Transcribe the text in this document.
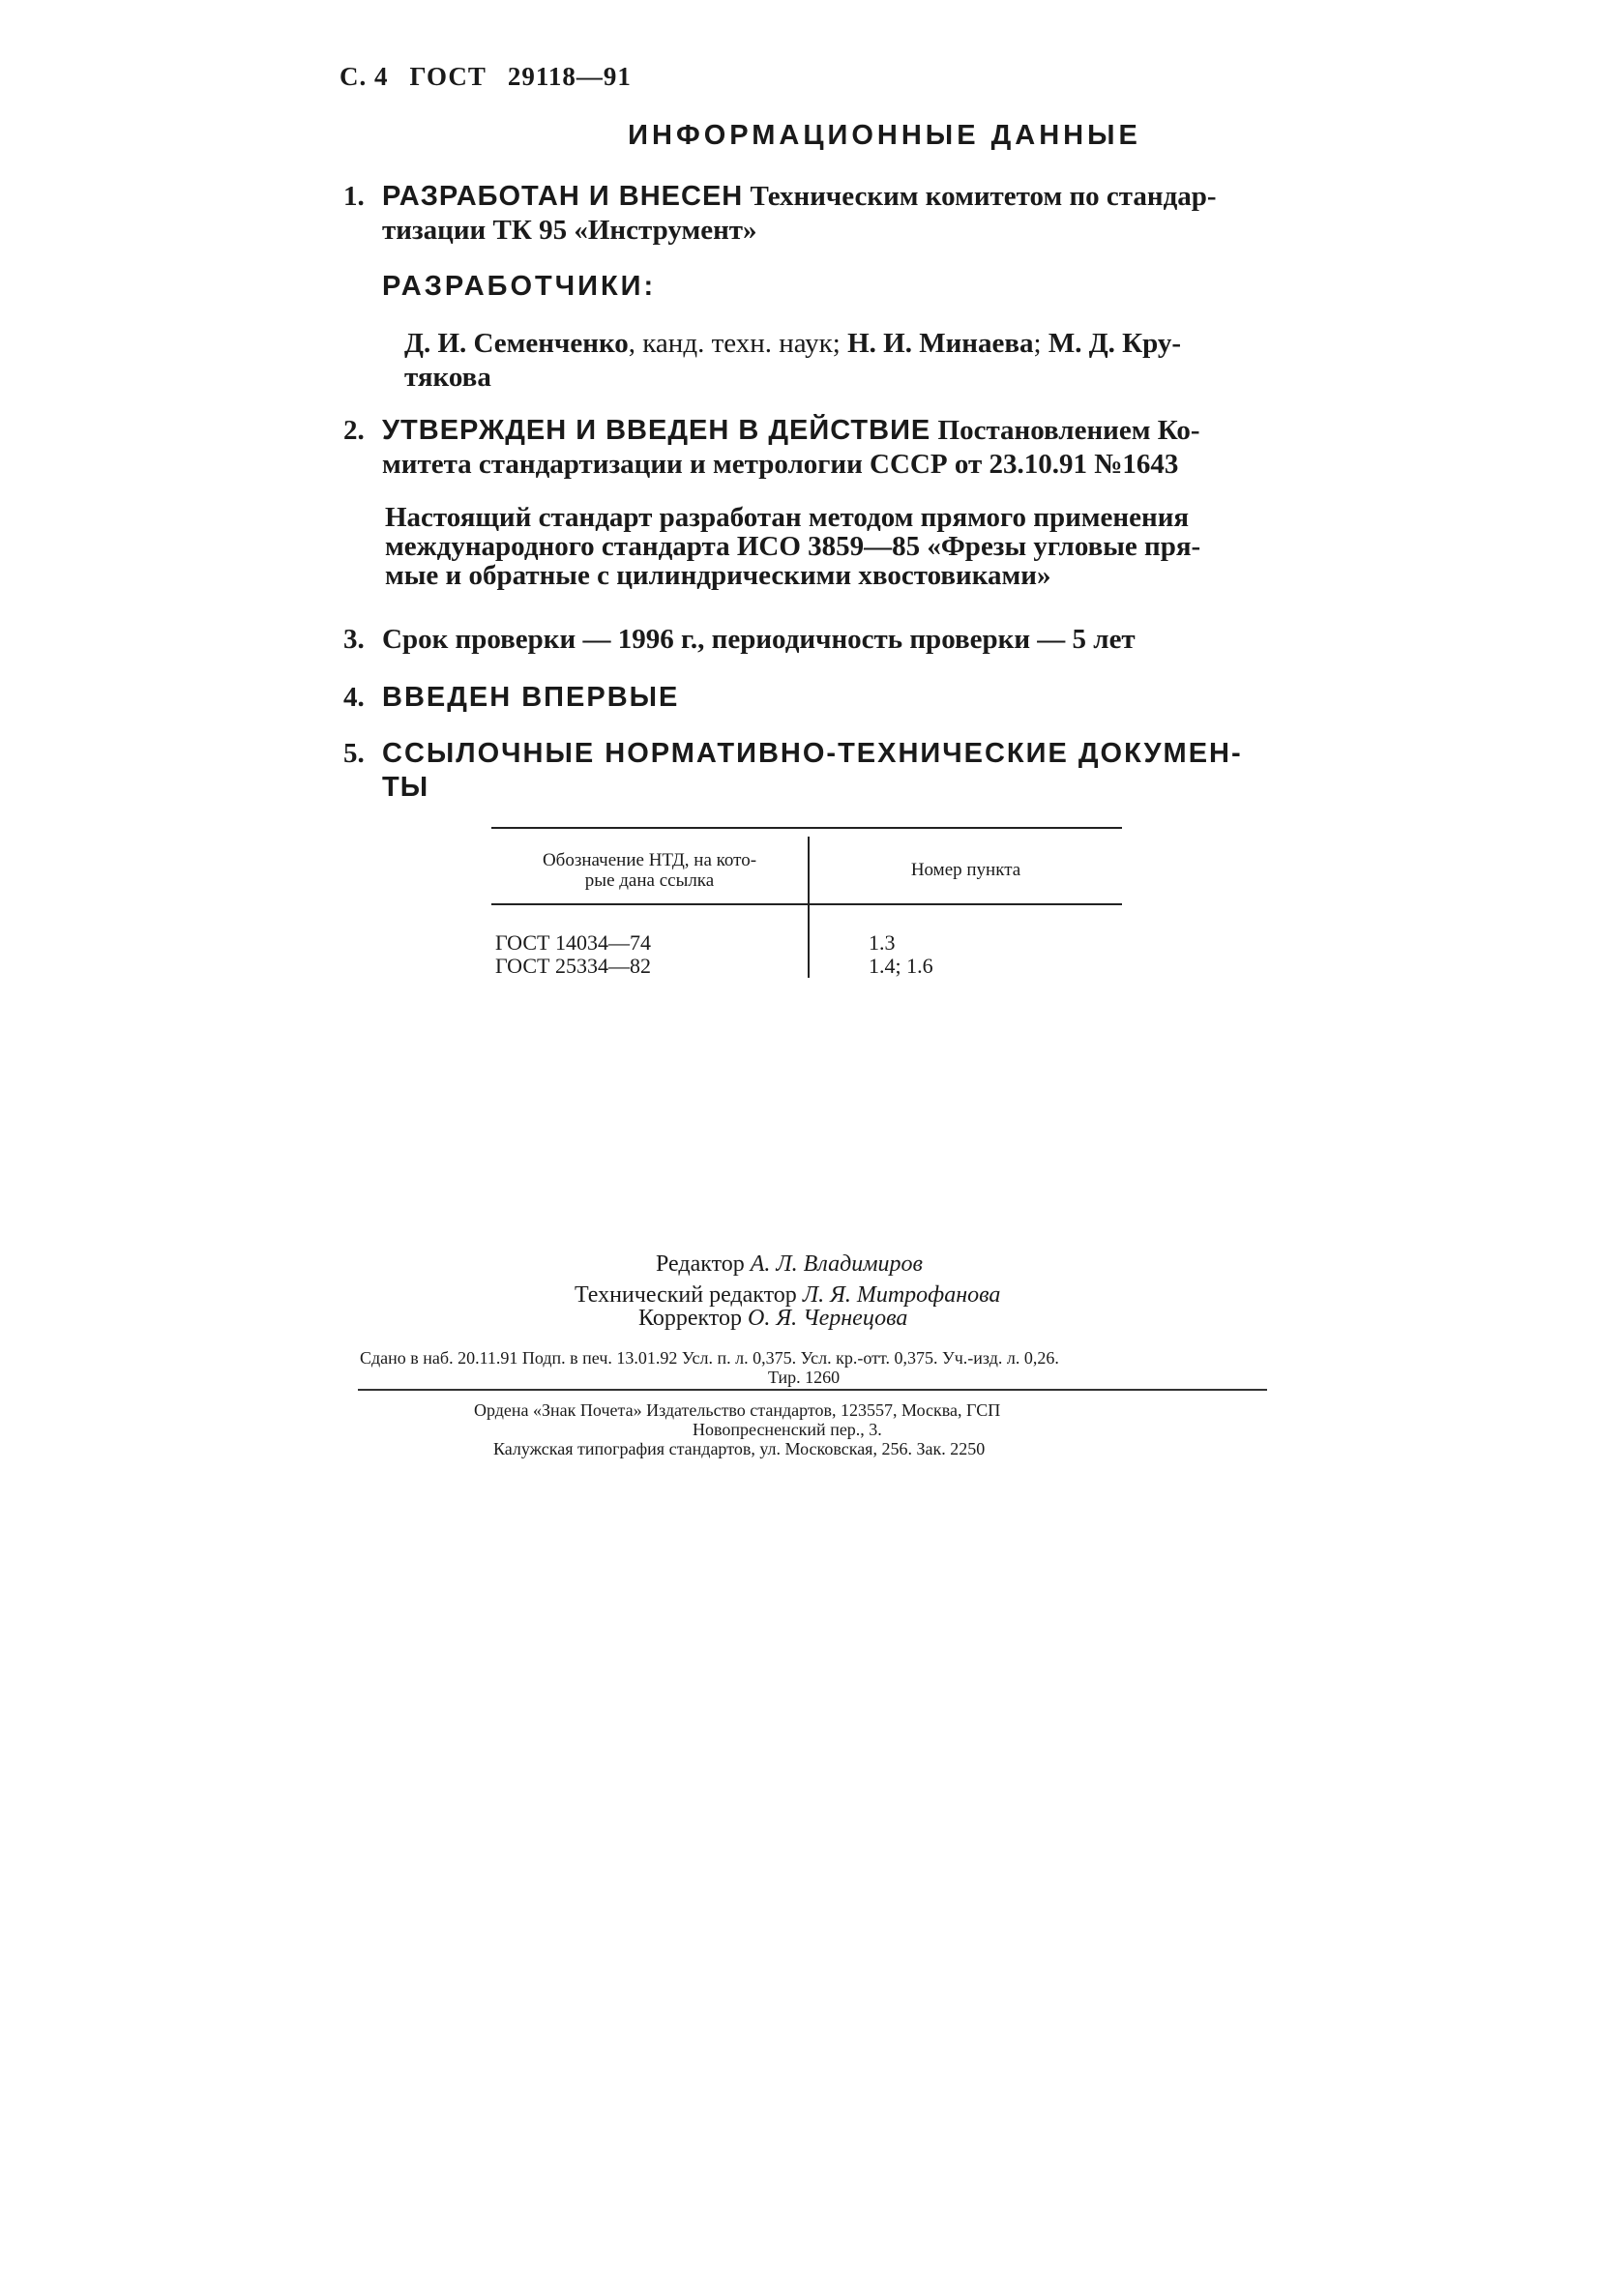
С. 4 ГОСТ 29118—91
ИНФОРМАЦИОННЫЕ ДАННЫЕ
1. РАЗРАБОТАН И ВНЕСЕН Техническим комитетом по стандар-
тизации ТК 95 «Инструмент»
РАЗРАБОТЧИКИ:
Д. И. Семенченко, канд. техн. наук; Н. И. Минаева; М. Д. Кру-
тякова
2. УТВЕРЖДЕН И ВВЕДЕН В ДЕЙСТВИЕ Постановлением Ко-
митета стандартизации и метрологии СССР от 23.10.91 №1643
Настоящий стандарт разработан методом прямого применения
международного стандарта ИСО 3859—85 «Фрезы угловые пря-
мые и обратные с цилиндрическими хвостовиками»
3. Срок проверки — 1996 г., периодичность проверки — 5 лет
4. ВВЕДЕН ВПЕРВЫЕ
5. ССЫЛОЧНЫЕ НОРМАТИВНО-ТЕХНИЧЕСКИЕ ДОКУМЕН-
ТЫ
Обозначение НТД, на кото-
рые дана ссылка
Номер пункта
ГОСТ 14034—74	1.3
ГОСТ 25334—82	1.4; 1.6
Редактор А. Л. Владимиров
Технический редактор Л. Я. Митрофанова
Корректор О. Я. Чернецова
Сдано в наб. 20.11.91 Подп. в печ. 13.01.92 Усл. п. л. 0,375. Усл. кр.-отт. 0,375. Уч.-изд. л. 0,26.
Тир. 1260
Ордена «Знак Почета» Издательство стандартов, 123557, Москва, ГСП
Новопресненский пер., 3.
Калужская типография стандартов, ул. Московская, 256. Зак. 2250
